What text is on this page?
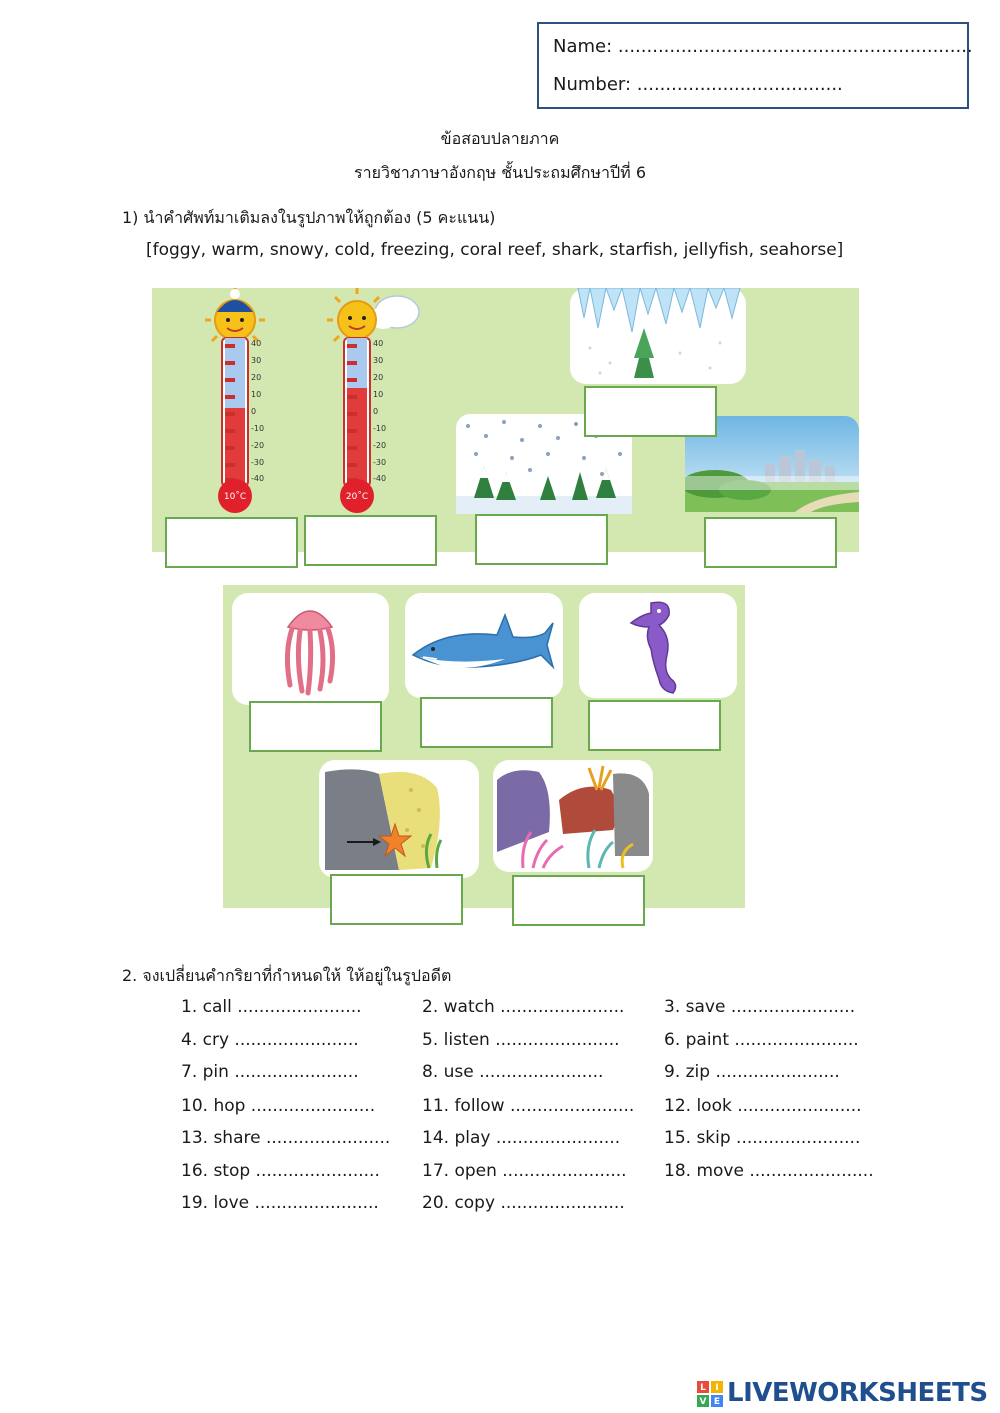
Name: ..............................................................
Number: ....................................
ข้อสอบปลายภาค
รายวิชาภาษาอังกฤษ ชั้นประถมศึกษาปีที่ 6
1) นำคำศัพท์มาเติมลงในรูปภาพให้ถูกต้อง (5 คะแนน)
[foggy, warm, snowy, cold, freezing, coral reef, shark, starfish, jellyfish, seahorse]
40
30
20
10
0
-10
-20
-30
-40
10˚C
40
30
20
10
0
-10
-20
-30
-40
20˚C
2. จงเปลี่ยนคำกริยาที่กำหนดให้ ให้อยู่ในรูปอดีต
1. call .......................	2. watch ....................... 3. save .......................
4. cry .......................	5. listen .......................	6. paint .......................
7. pin .......................	8. use .......................	9. zip .......................
10. hop .......................	11. follow ....................... 12. look .......................
13. share ....................... 14. play .......................	15. skip .......................
16. stop ....................... 17. open ....................... 18. move .......................
19. love .......................	20. copy .......................
L I
V E LIVEWORKSHEETS
